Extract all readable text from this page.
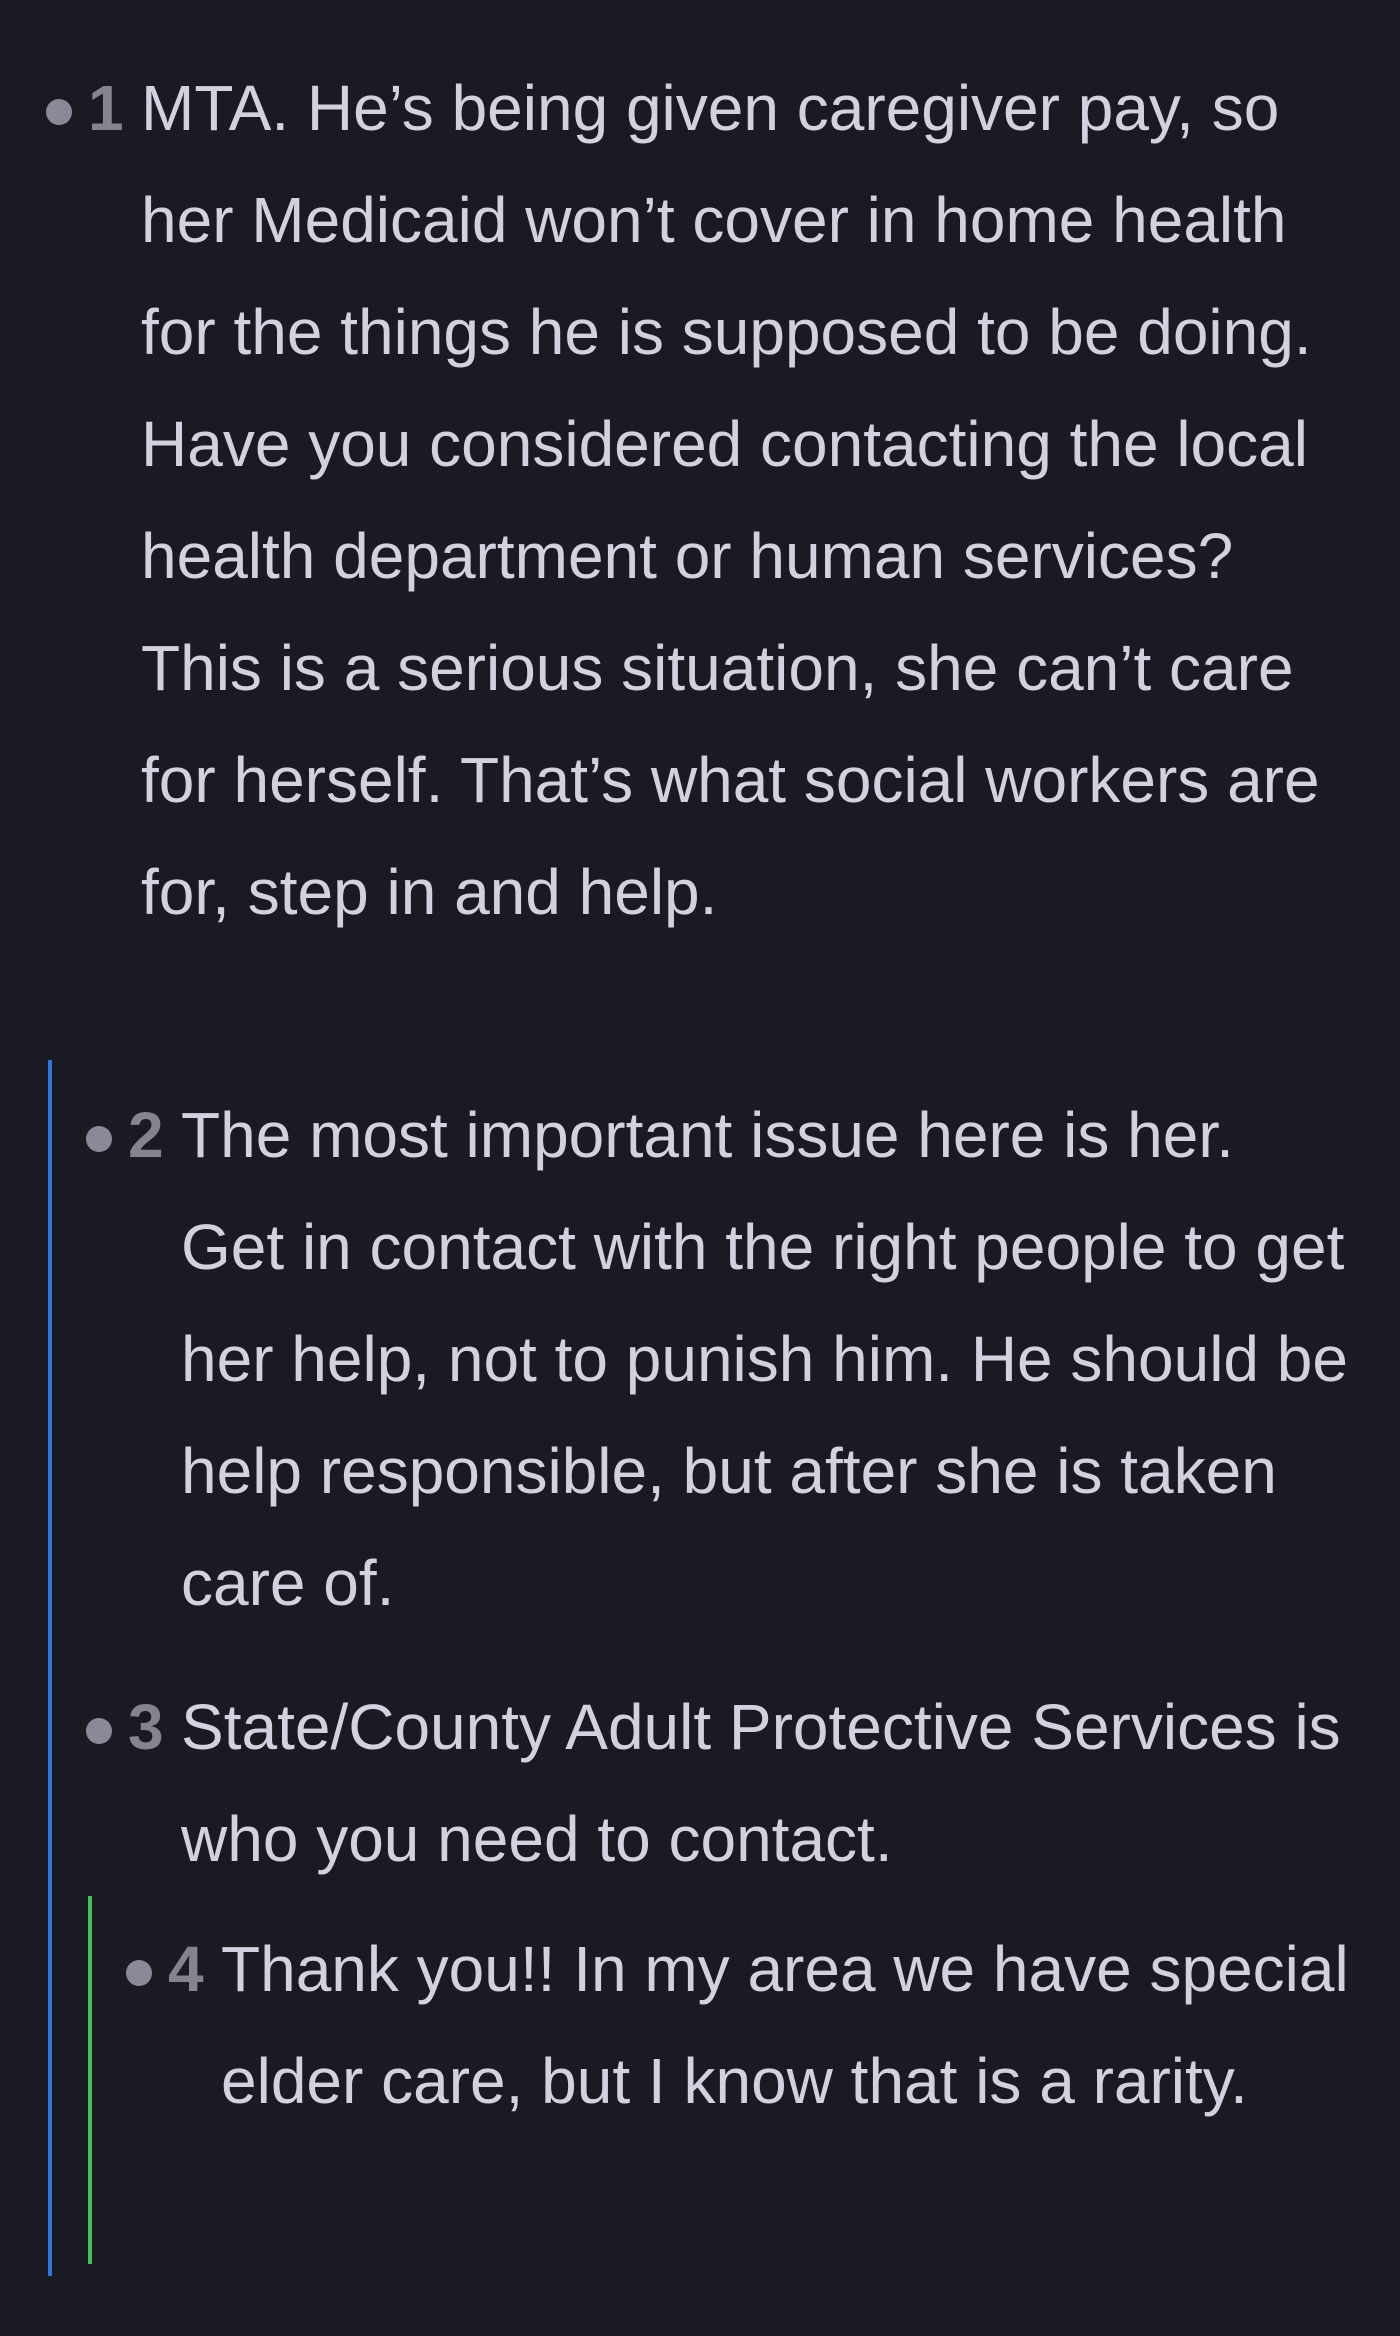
1 MTA. He’s being given caregiver pay, so her Medicaid won’t cover in home health for the things he is supposed to be doing. Have you considered contacting the local health department or human services? This is a serious situation, she can’t care for herself. That’s what social workers are for, step in and help.
2 The most important issue here is her. Get in contact with the right people to get her help, not to punish him. He should be help responsible, but after she is taken care of.
3 State/County Adult Protective Services is who you need to contact.
4 Thank you!! In my area we have special elder care, but I know that is a rarity.
